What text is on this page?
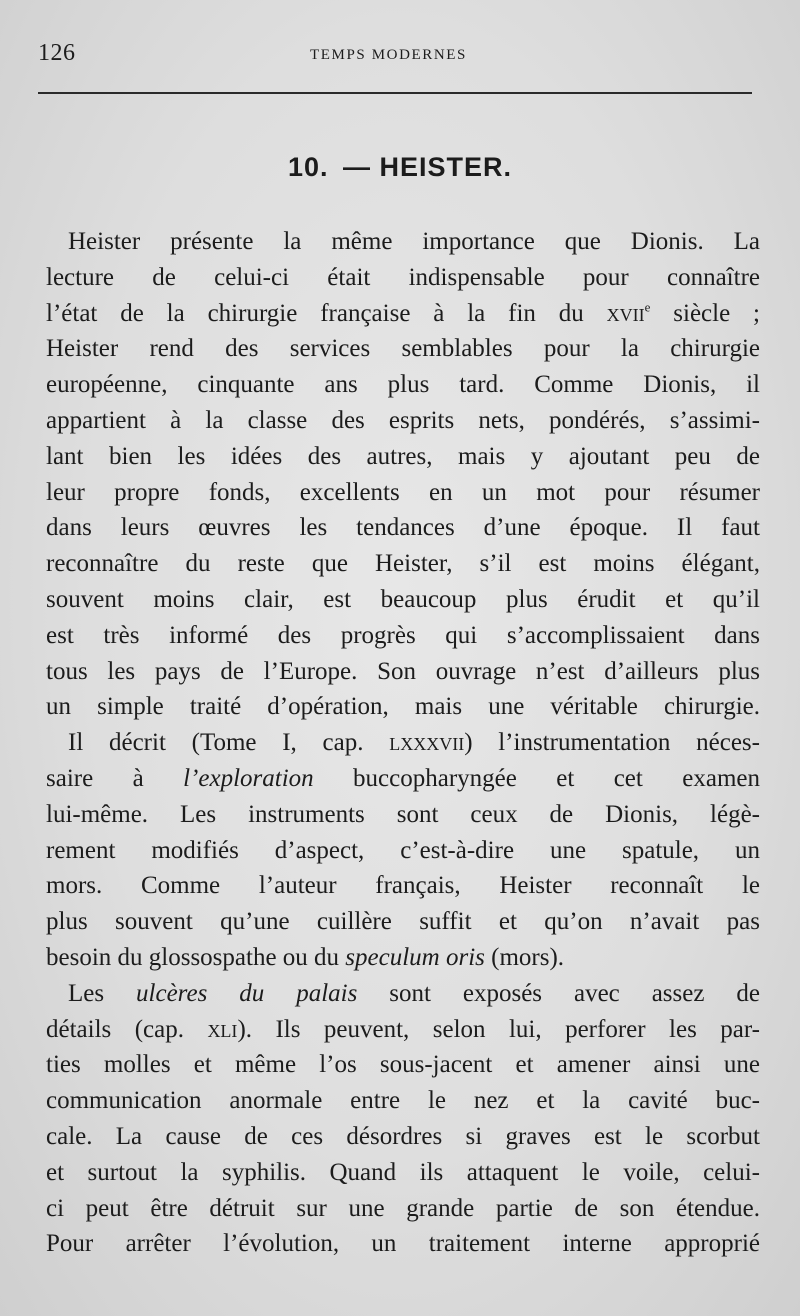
126	TEMPS MODERNES
10. — HEISTER.
Heister présente la même importance que Dionis. La
lecture de celui-ci était indispensable pour connaître
l’état de la chirurgie française à la fin du xvii$^e$ siècle ;
Heister rend des services semblables pour la chirurgie
européenne, cinquante ans plus tard. Comme Dionis, il
appartient à la classe des esprits nets, pondérés, s’assimi-
lant bien les idées des autres, mais y ajoutant peu de
leur propre fonds, excellents en un mot pour résumer
dans leurs œuvres les tendances d’une époque. Il faut
reconnaître du reste que Heister, s’il est moins élégant,
souvent moins clair, est beaucoup plus érudit et qu’il
est très informé des progrès qui s’accomplissaient dans
tous les pays de l’Europe. Son ouvrage n’est d’ailleurs plus
un simple traité d’opération, mais une véritable chirurgie.
Il décrit (Tome I, cap. lxxxvii) l’instrumentation néces-
saire à l’exploration buccopharyngée et cet examen
lui-même. Les instruments sont ceux de Dionis, légè-
rement modifiés d’aspect, c’est-à-dire une spatule, un
mors. Comme l’auteur français, Heister reconnaît le
plus souvent qu’une cuillère suffit et qu’on n’avait pas
besoin du glossospathe ou du speculum oris (mors).
Les ulcères du palais sont exposés avec assez de
détails (cap. xli). Ils peuvent, selon lui, perforer les par-
ties molles et même l’os sous-jacent et amener ainsi une
communication anormale entre le nez et la cavité buc-
cale. La cause de ces désordres si graves est le scorbut
et surtout la syphilis. Quand ils attaquent le voile, celui-
ci peut être détruit sur une grande partie de son étendue.
Pour arrêter l’évolution, un traitement interne approprié
